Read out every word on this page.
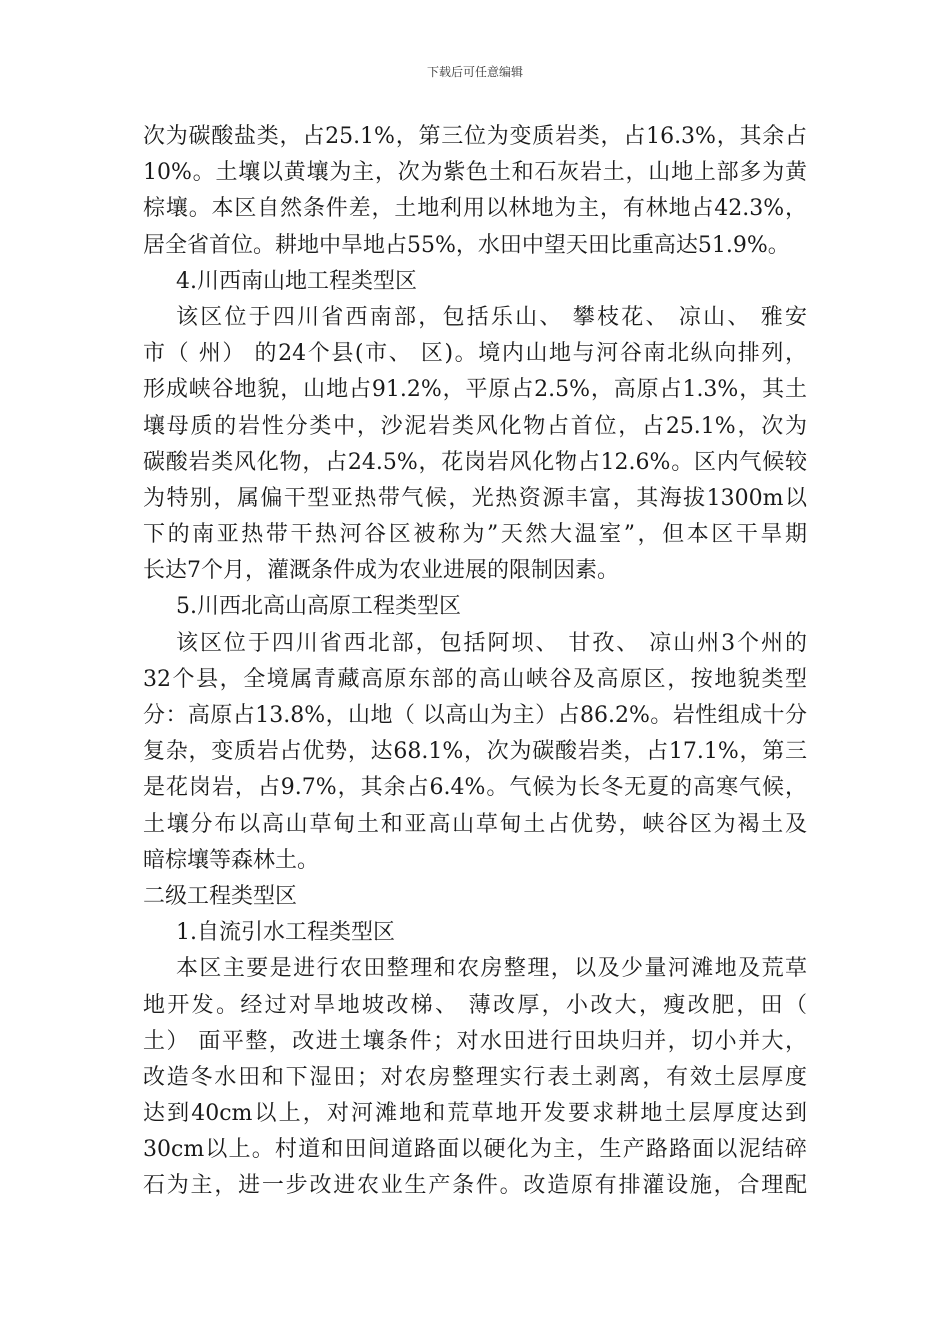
下载后可任意编辑
次为碳酸盐类，占25.1%，第三位为变质岩类，占16.3%，其余占
10%。土壤以黄壤为主，次为紫色土和石灰岩土，山地上部多为黄
棕壤。本区自然条件差，土地利用以林地为主，有林地占42.3%，
居全省首位。耕地中旱地占55%，水田中望天田比重高达51.9%。
4.川西南山地工程类型区
该区位于四川省西南部，包括乐山、 攀枝花、 凉山、 雅安
市（ 州） 的24个县(市、 区)。境内山地与河谷南北纵向排列，
形成峡谷地貌，山地占91.2%，平原占2.5%，高原占1.3%，其土
壤母质的岩性分类中，沙泥岩类风化物占首位，占25.1%，次为
碳酸岩类风化物，占24.5%，花岗岩风化物占12.6%。区内气候较
为特别，属偏干型亚热带气候，光热资源丰富，其海拔1300m以
下的南亚热带干热河谷区被称为”天然大温室”，但本区干旱期
长达7个月，灌溉条件成为农业进展的限制因素。
5.川西北高山高原工程类型区
该区位于四川省西北部，包括阿坝、 甘孜、 凉山州3个州的
32个县，全境属青藏高原东部的高山峡谷及高原区，按地貌类型
分：高原占13.8%，山地（ 以高山为主）占86.2%。岩性组成十分
复杂，变质岩占优势，达68.1%，次为碳酸岩类，占17.1%，第三
是花岗岩，占9.7%，其余占6.4%。气候为长冬无夏的高寒气候，
土壤分布以高山草甸土和亚高山草甸土占优势，峡谷区为褐土及
暗棕壤等森林土。
二级工程类型区
1.自流引水工程类型区
本区主要是进行农田整理和农房整理，以及少量河滩地及荒草
地开发。经过对旱地坡改梯、 薄改厚，小改大，瘦改肥，田（
土） 面平整，改进土壤条件；对水田进行田块归并，切小并大，
改造冬水田和下湿田；对农房整理实行表土剥离，有效土层厚度
达到40cm以上，对河滩地和荒草地开发要求耕地土层厚度达到
30cm以上。村道和田间道路面以硬化为主，生产路路面以泥结碎
石为主，进一步改进农业生产条件。改造原有排灌设施，合理配
